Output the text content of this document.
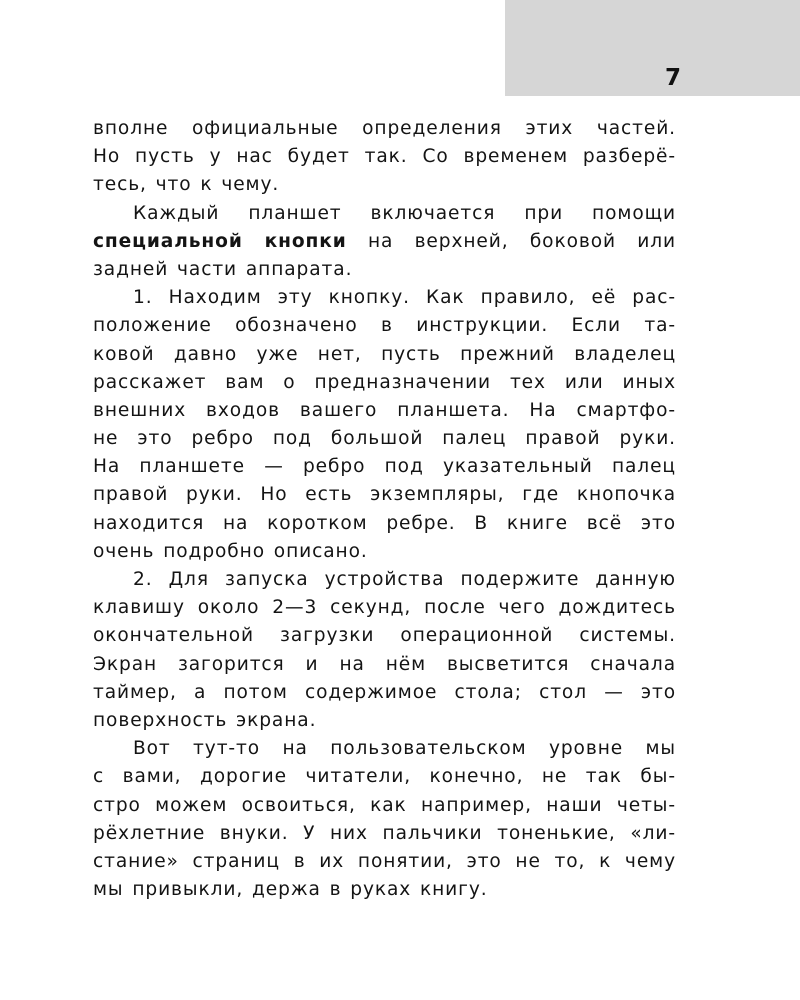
7
вполне официальные определения этих частей.
Но пусть у нас будет так. Со временем разберё-
тесь, что к чему.
Каждый планшет включается при помощи
специальной кнопки на верхней, боковой или
задней части аппарата.
1. Находим эту кнопку. Как правило, её рас-
положение обозначено в инструкции. Если та-
ковой давно уже нет, пусть прежний владелец
расскажет вам о предназначении тех или иных
внешних входов вашего планшета. На смартфо-
не это ребро под большой палец правой руки.
На планшете — ребро под указательный палец
правой руки. Но есть экземпляры, где кнопочка
находится на коротком ребре. В книге всё это
очень подробно описано.
2. Для запуска устройства подержите данную
клавишу около 2—3 секунд, после чего дождитесь
окончательной загрузки операционной системы.
Экран загорится и на нём высветится сначала
таймер, а потом содержимое стола; стол — это
поверхность экрана.
Вот тут-то на пользовательском уровне мы
с вами, дорогие читатели, конечно, не так бы-
стро можем освоиться, как например, наши четы-
рёхлетние внуки. У них пальчики тоненькие, «ли-
стание» страниц в их понятии, это не то, к чему
мы привыкли, держа в руках книгу.
